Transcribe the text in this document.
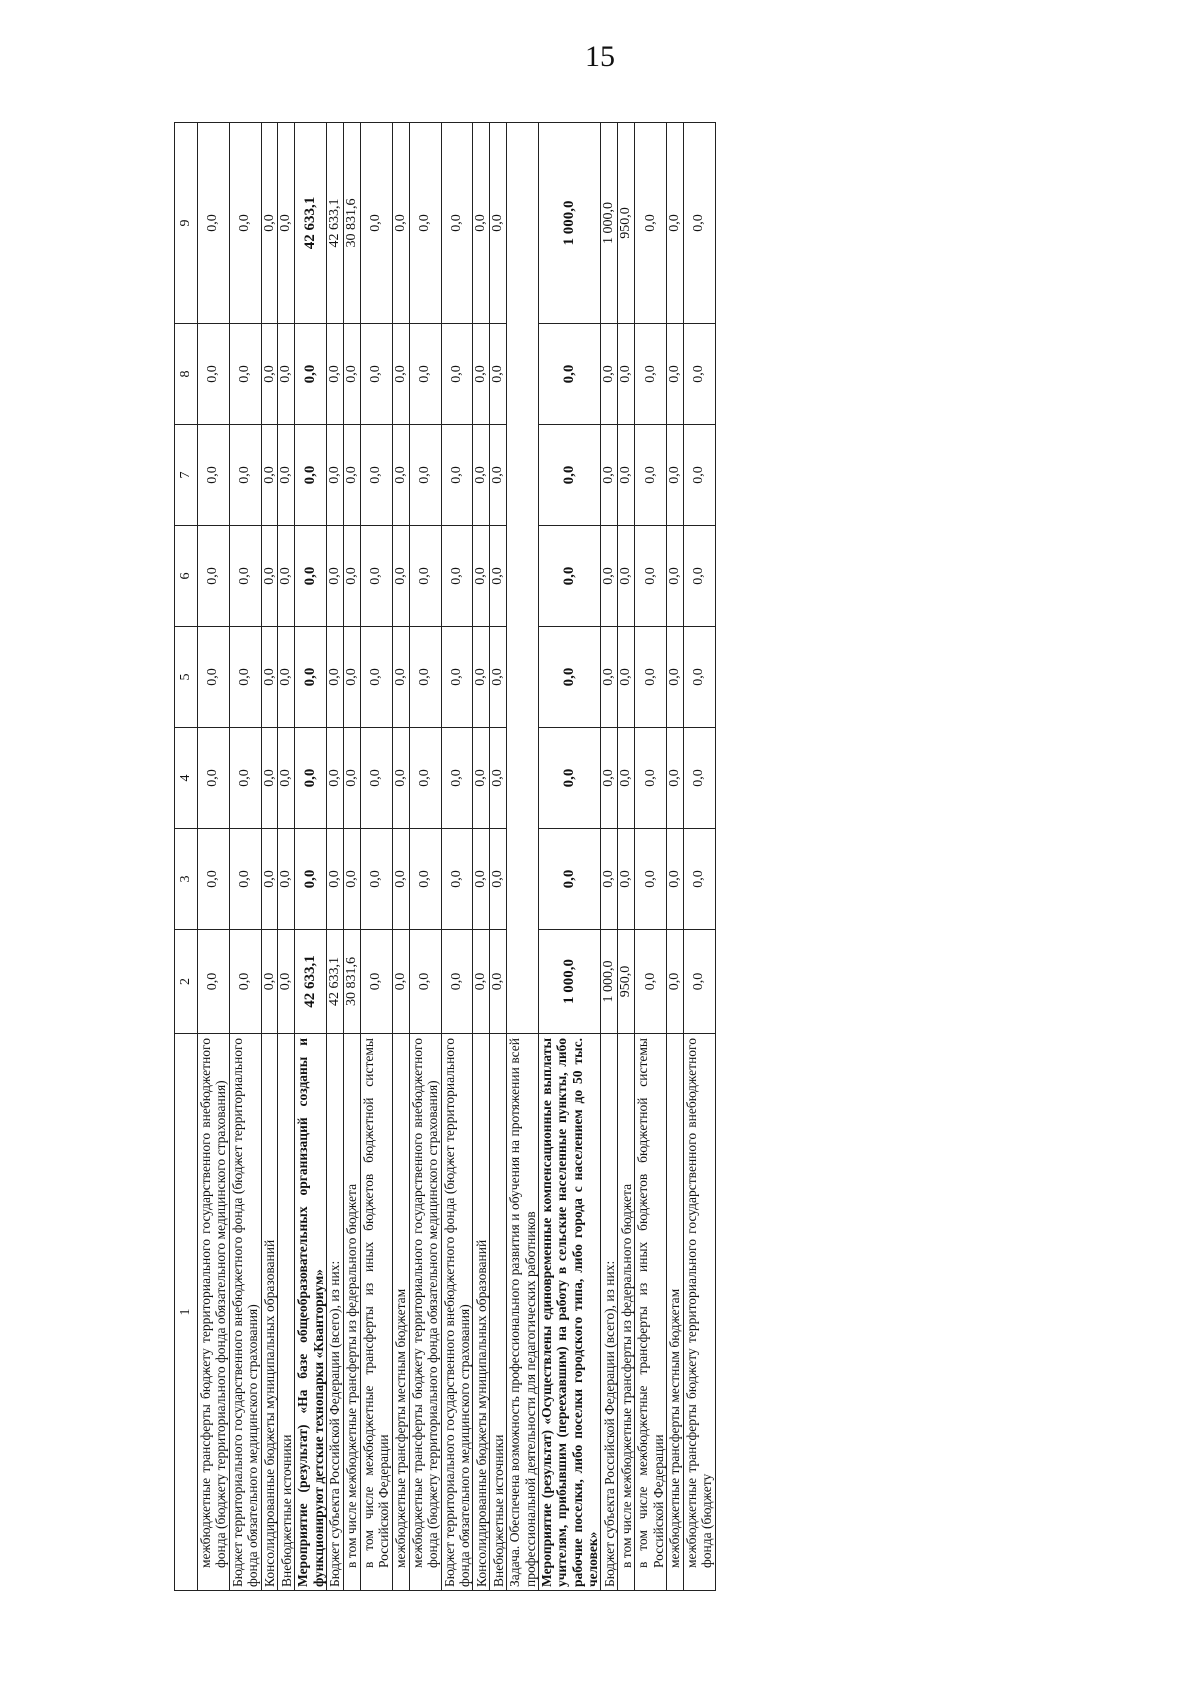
15
1	2	3	4	5	6	7	8	9
межбюджетные трансферты бюджету территориального государственного внебюджетного фонда (бюджету территориального фонда обязательного медицинского страхования)	0,0	0,0	0,0	0,0	0,0	0,0	0,0	0,0
Бюджет территориального государственного внебюджетного фонда (бюджет территориального фонда обязательного медицинского страхования)	0,0	0,0	0,0	0,0	0,0	0,0	0,0	0,0
Консолидированные бюджеты муниципальных образований	0,0	0,0	0,0	0,0	0,0	0,0	0,0	0,0
Внебюджетные источники	0,0	0,0	0,0	0,0	0,0	0,0	0,0	0,0
Мероприятие (результат) «На базе общеобразовательных организаций созданы и функционируют детские технопарки «Кванториум»	42 633,1	0,0	0,0	0,0	0,0	0,0	0,0	42 633,1
Бюджет субъекта Российской Федерации (всего), из них:	42 633,1	0,0	0,0	0,0	0,0	0,0	0,0	42 633,1
в том числе межбюджетные трансферты из федерального бюджета	30 831,6	0,0	0,0	0,0	0,0	0,0	0,0	30 831,6
в том числе межбюджетные трансферты из иных бюджетов бюджетной системы Российской Федерации	0,0	0,0	0,0	0,0	0,0	0,0	0,0	0,0
межбюджетные трансферты местным бюджетам	0,0	0,0	0,0	0,0	0,0	0,0	0,0	0,0
межбюджетные трансферты бюджету территориального государственного внебюджетного фонда (бюджету территориального фонда обязательного медицинского страхования)	0,0	0,0	0,0	0,0	0,0	0,0	0,0	0,0
Бюджет территориального государственного внебюджетного фонда (бюджет территориального фонда обязательного медицинского страхования)	0,0	0,0	0,0	0,0	0,0	0,0	0,0	0,0
Консолидированные бюджеты муниципальных образований	0,0	0,0	0,0	0,0	0,0	0,0	0,0	0,0
Внебюджетные источники	0,0	0,0	0,0	0,0	0,0	0,0	0,0	0,0
Задача. Обеспечена возможность профессионального развития и обучения на протяжении всей профессиональной деятельности для педагогических работников								
Мероприятие (результат) «Осуществлены единовременные компенсационные выплаты учителям, прибывшим (переехавшим) на работу в сельские населенные пункты, либо рабочие поселки, либо поселки городского типа, либо города с населением до 50 тыс. человек»	1 000,0	0,0	0,0	0,0	0,0	0,0	0,0	1 000,0
Бюджет субъекта Российской Федерации (всего), из них:	1 000,0	0,0	0,0	0,0	0,0	0,0	0,0	1 000,0
в том числе межбюджетные трансферты из федерального бюджета	950,0	0,0	0,0	0,0	0,0	0,0	0,0	950,0
в том числе межбюджетные трансферты из иных бюджетов бюджетной системы Российской Федерации	0,0	0,0	0,0	0,0	0,0	0,0	0,0	0,0
межбюджетные трансферты местным бюджетам	0,0	0,0	0,0	0,0	0,0	0,0	0,0	0,0
межбюджетные трансферты бюджету территориального государственного внебюджетного фонда (бюджету	0,0	0,0	0,0	0,0	0,0	0,0	0,0	0,0
